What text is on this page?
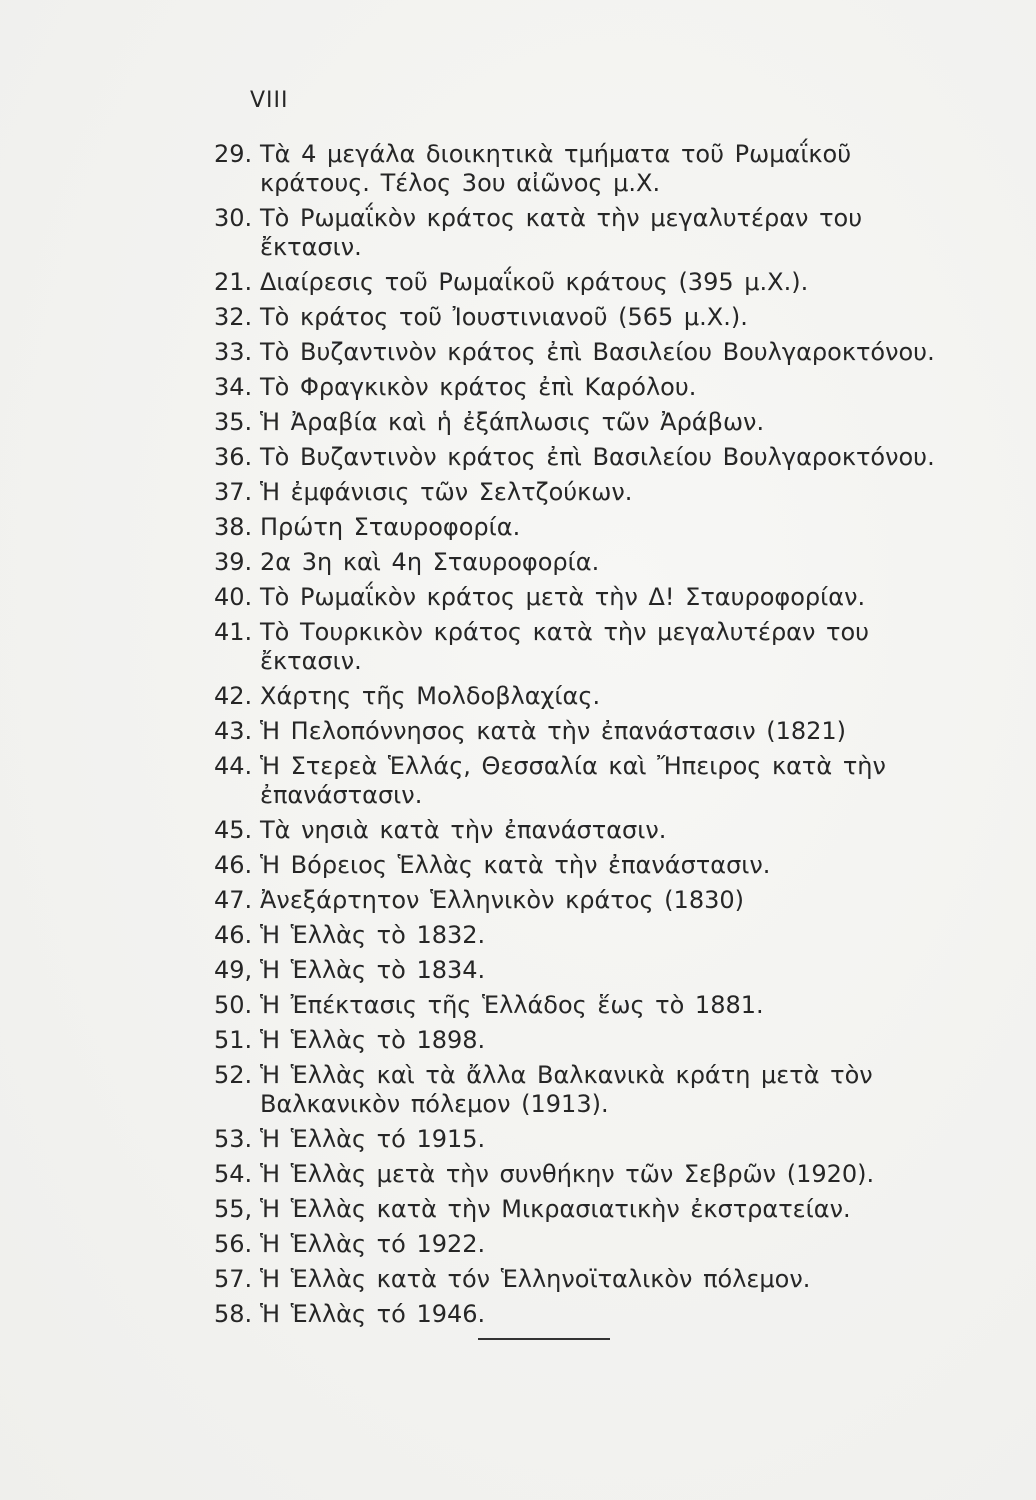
VIII
29. Τὰ 4 μεγάλα διοικητικὰ τμήματα τοῦ Ρωμαΐκοῦ κράτους. Τέλος 3ου αἰῶνος μ.Χ.
30. Τὸ Ρωμαΐκὸν κράτος κατὰ τὴν μεγαλυτέραν του ἔκτασιν.
21. Διαίρεσις τοῦ Ρωμαΐκοῦ κράτους (395 μ.Χ.).
32. Τὸ κράτος τοῦ Ἰουστινιανοῦ (565 μ.Χ.).
33. Τὸ Βυζαντινὸν κράτος ἐπὶ Βασιλείου Βουλγαροκτόνου.
34. Τὸ Φραγκικὸν κράτος ἐπὶ Καρόλου.
35. Ἡ Ἀραβία καὶ ἡ ἐξάπλωσις τῶν Ἀράβων.
36. Τὸ Βυζαντινὸν κράτος ἐπὶ Βασιλείου Βουλγαροκτόνου.
37. Ἡ ἐμφάνισις τῶν Σελτζούκων.
38. Πρώτη Σταυροφορία.
39. 2α 3η καὶ 4η Σταυροφορία.
40. Τὸ Ρωμαΐκὸν κράτος μετὰ τὴν Δ! Σταυροφορίαν.
41. Τὸ Τουρκικὸν κράτος κατὰ τὴν μεγαλυτέραν του ἔκτασιν.
42. Χάρτης τῆς Μολδοβλαχίας.
43. Ἡ Πελοπόννησος κατὰ τὴν ἐπανάστασιν (1821)
44. Ἡ Στερεὰ Ἑλλάς, Θεσσαλία καὶ Ἤπειρος κατὰ τὴν ἐπανάστασιν.
45. Τὰ νησιὰ κατὰ τὴν ἐπανάστασιν.
46. Ἡ Βόρειος Ἑλλὰς κατὰ τὴν ἐπανάστασιν.
47. Ἀνεξάρτητον Ἑλληνικὸν κράτος (1830)
46. Ἡ Ἑλλὰς τὸ 1832.
49, Ἡ Ἑλλὰς τὸ 1834.
50. Ἡ Ἐπέκτασις τῆς Ἑλλάδος ἕως τὸ 1881.
51. Ἡ Ἑλλὰς τὸ 1898.
52. Ἡ Ἑλλὰς καὶ τὰ ἄλλα Βαλκανικὰ κράτη μετὰ τὸν Βαλκανικὸν πόλεμον (1913).
53. Ἡ Ἑλλὰς τό 1915.
54. Ἡ Ἑλλὰς μετὰ τὴν συνθήκην τῶν Σεβρῶν (1920).
55, Ἡ Ἑλλὰς κατὰ τὴν Μικρασιατικὴν ἐκστρατείαν.
56. Ἡ Ἑλλὰς τό 1922.
57. Ἡ Ἑλλὰς κατὰ τόν Ἑλληνοϊταλικὸν πόλεμον.
58. Ἡ Ἑλλὰς τό 1946.
